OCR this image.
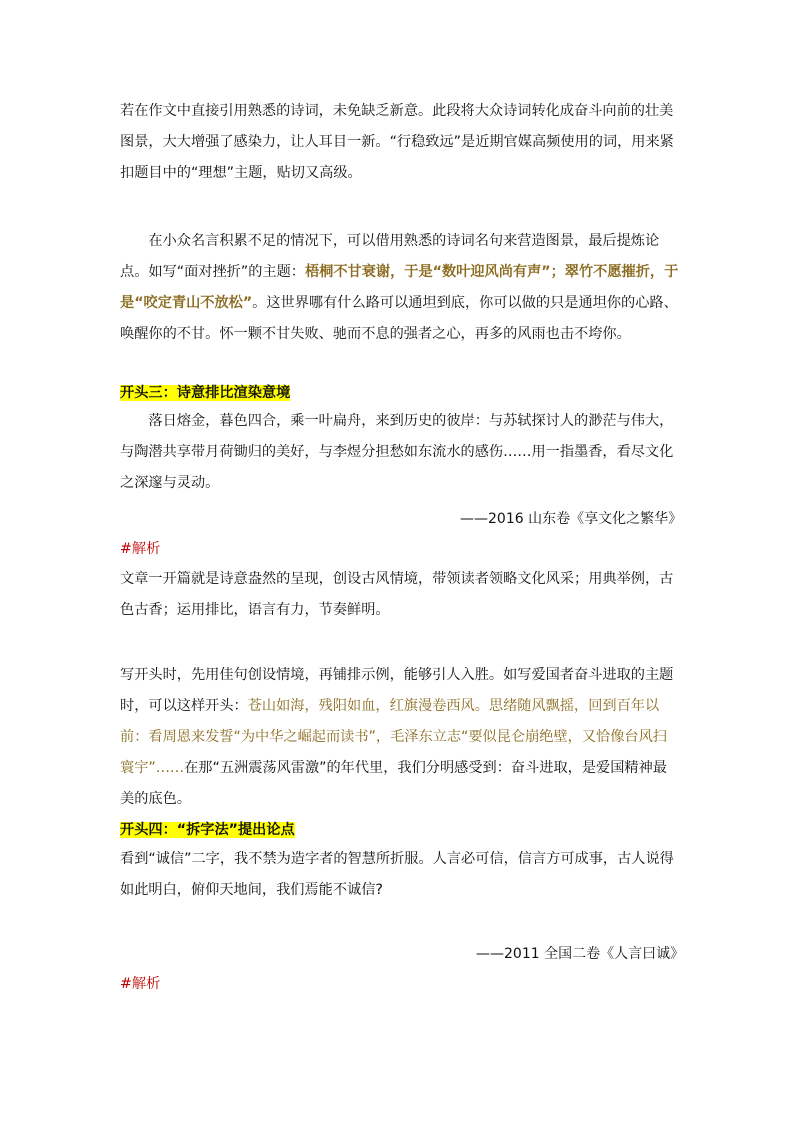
若在作文中直接引用熟悉的诗词，未免缺乏新意。此段将大众诗词转化成奋斗向前的壮美图景，大大增强了感染力，让人耳目一新。“行稳致远”是近期官媒高频使用的词，用来紧扣题目中的“理想”主题，贴切又高级。

在小众名言积累不足的情况下，可以借用熟悉的诗词名句来营造图景，最后提炼论点。如写“面对挫折”的主题：梧桐不甘衰谢，于是“数叶迎风尚有声”；翠竹不愿摧折，于是“咬定青山不放松”。这世界哪有什么路可以通坦到底，你可以做的只是通坦你的心路、唤醒你的不甘。怀一颗不甘失败、驰而不息的强者之心，再多的风雨也击不垮你。

开头三：诗意排比渲染意境

落日熔金，暮色四合，乘一叶扁舟，来到历史的彼岸：与苏轼探讨人的渺茫与伟大，与陶潜共享带月荷锄归的美好，与李煜分担愁如东流水的感伤……用一指墨香，看尽文化之深邃与灵动。

——2016 山东卷《享文化之繁华》
#解析

文章一开篇就是诗意盎然的呈现，创设古风情境，带领读者领略文化风采；用典举例，古色古香；运用排比，语言有力，节奏鲜明。

写开头时，先用佳句创设情境，再铺排示例，能够引人入胜。如写爱国者奋斗进取的主题时，可以这样开头：苍山如海，残阳如血，红旗漫卷西风。思绪随风飘摇，回到百年以前：看周恩来发誓“为中华之崛起而读书”，毛泽东立志“要似昆仑崩绝壁，又恰像台风扫寰宇”……在那“五洲震荡风雷激”的年代里，我们分明感受到：奋斗进取，是爱国精神最美的底色。

开头四：“拆字法”提出论点

看到“诚信”二字，我不禁为造字者的智慧所折服。人言必可信，信言方可成事，古人说得如此明白，俯仰天地间，我们焉能不诚信?

——2011 全国二卷《人言曰诚》
#解析
